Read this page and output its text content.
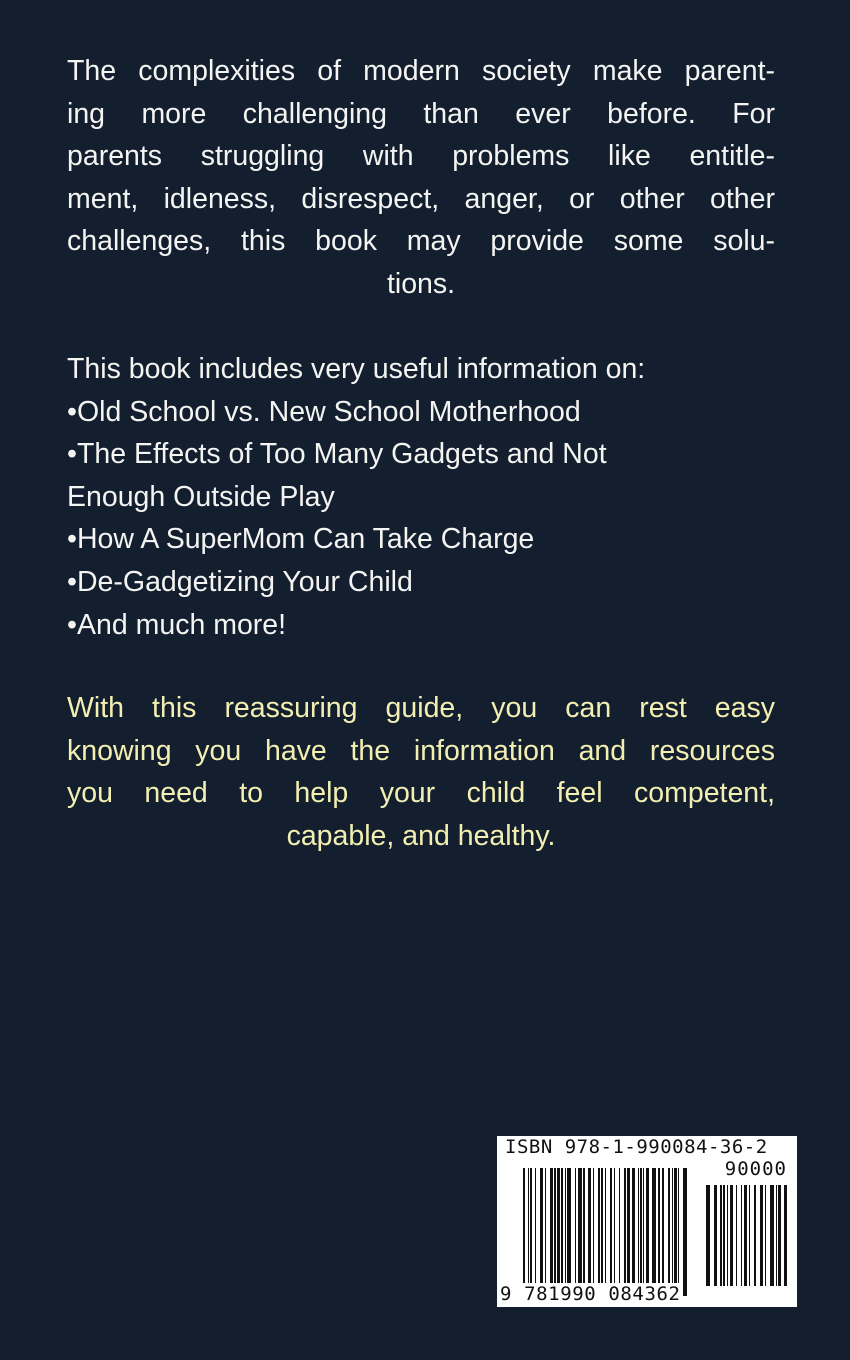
The complexities of modern society make parent-
ing more challenging than ever before. For
parents struggling with problems like entitle-
ment, idleness, disrespect, anger, or other other
challenges, this book may provide some solu-
tions.
This book includes very useful information on:
•Old School vs. New School Motherhood
•The Effects of Too Many Gadgets and Not
Enough Outside Play
•How A SuperMom Can Take Charge
•De-Gadgetizing Your Child
•And much more!
With this reassuring guide, you can rest easy
knowing you have the information and resources
you need to help your child feel competent,
capable, and healthy.
ISBN 978-1-990084-36-2
90000
9 781990 084362
